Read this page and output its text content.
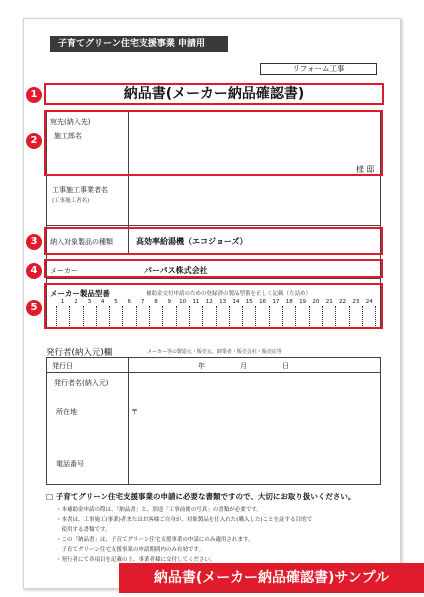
子育てグリーン住宅支援事業 申請用
リフォーム工事
納品書(メーカー納品確認書)
1
2
3
4
5
宛先(納入先)
施工郎名
様 邸
工事施工事業者名
(工事施工者名)
納入対象製品の種類	高効率給湯機（エコジョーズ）
メーカー	パーパス株式会社
メーカー製品型番	補助金交付申請のための登録済の製品型番を正しく記載（左詰め）
1	2	3	4	5	6	7	8	9	10	11	12	13	14	15	16	17	18	19	20	21	22	23	24
発行者(納入元)欄	メーカー等の製造元・販売元、卸業者・販売会社・販売店等
発行日	年	月	日
発行者名(納入元)
所在地	〒
電話番号
□ 子育てグリーン住宅支援事業の申請に必要な書類ですので、大切にお取り扱いください。
・本補助金申請の際は、「納品書」と、別途「工事前後の写真」の書類が必要です。
・本書は、工事施工(事業)者またはお客様ご自身が、対象製品を仕入れた(購入した)ことを証する目的で
　使用する書類です。
・この「納品書」は、子育てグリーン住宅支援事業の申請にのみ適用されます。
　子育てグリーン住宅支援事業の申請期間内のみ有効です。
・発行者にて各項目を記載の上、事業者様に交付してください。
納品書(メーカー納品確認書)サンプル
